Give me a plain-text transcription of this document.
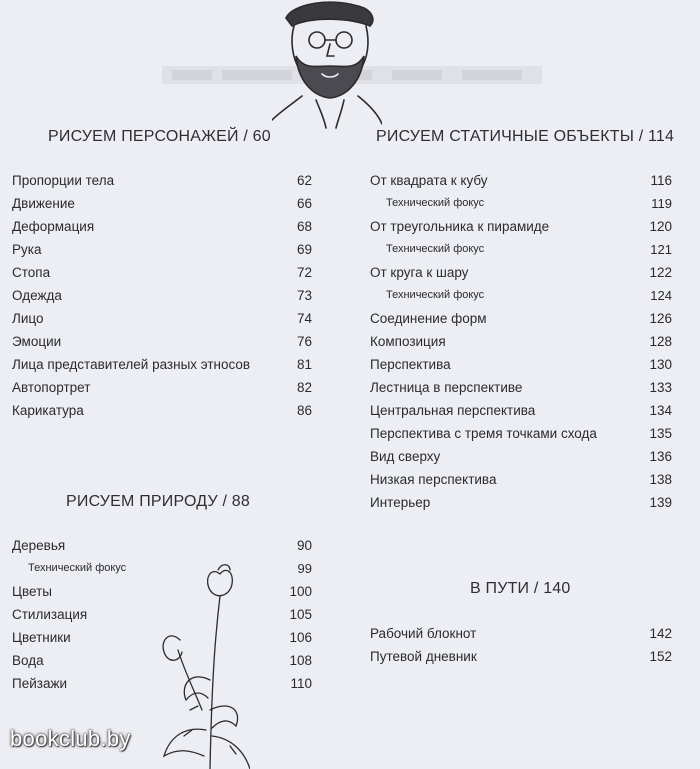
РИСУЕМ ПЕРСОНАЖЕЙ / 60
Пропорции тела	62
Движение	66
Деформация	68
Рука	69
Стопа	72
Одежда	73
Лицо	74
Эмоции	76
Лица представителей разных этносов	81
Автопортрет	82
Карикатура	86
РИСУЕМ ПРИРОДУ / 88
Деревья	90
Технический фокус	99
Цветы	100
Стилизация	105
Цветники	106
Вода	108
Пейзажи	110
РИСУЕМ СТАТИЧНЫЕ ОБЪЕКТЫ / 114
От квадрата к кубу	116
Технический фокус	119
От треугольника к пирамиде	120
Технический фокус	121
От круга к шару	122
Технический фокус	124
Соединение форм	126
Композиция	128
Перспектива	130
Лестница в перспективе	133
Центральная перспектива	134
Перспектива с тремя точками схода	135
Вид сверху	136
Низкая перспектива	138
Интерьер	139
В ПУТИ / 140
Рабочий блокнот	142
Путевой дневник	152
bookclub.by
